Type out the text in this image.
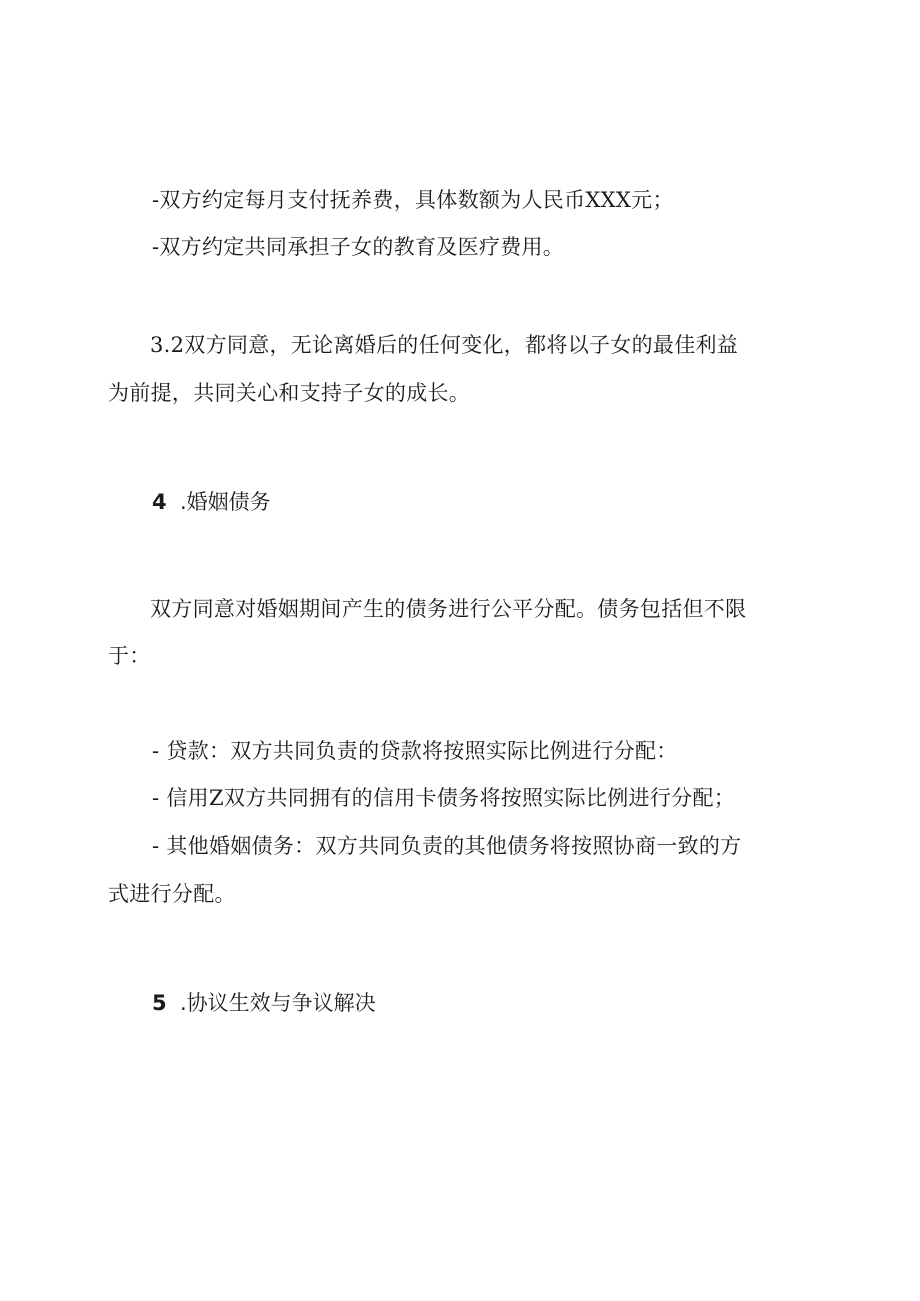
-双方约定每月支付抚养费，具体数额为人民币XXX元；
-双方约定共同承担子女的教育及医疗费用。
3.2双方同意，无论离婚后的任何变化，都将以子女的最佳利益
为前提，共同关心和支持子女的成长。
4 .婚姻债务
双方同意对婚姻期间产生的债务进行公平分配。债务包括但不限
于：
- 贷款：双方共同负责的贷款将按照实际比例进行分配：
- 信用Z双方共同拥有的信用卡债务将按照实际比例进行分配；
- 其他婚姻债务：双方共同负责的其他债务将按照协商一致的方
式进行分配。
5 .协议生效与争议解决
